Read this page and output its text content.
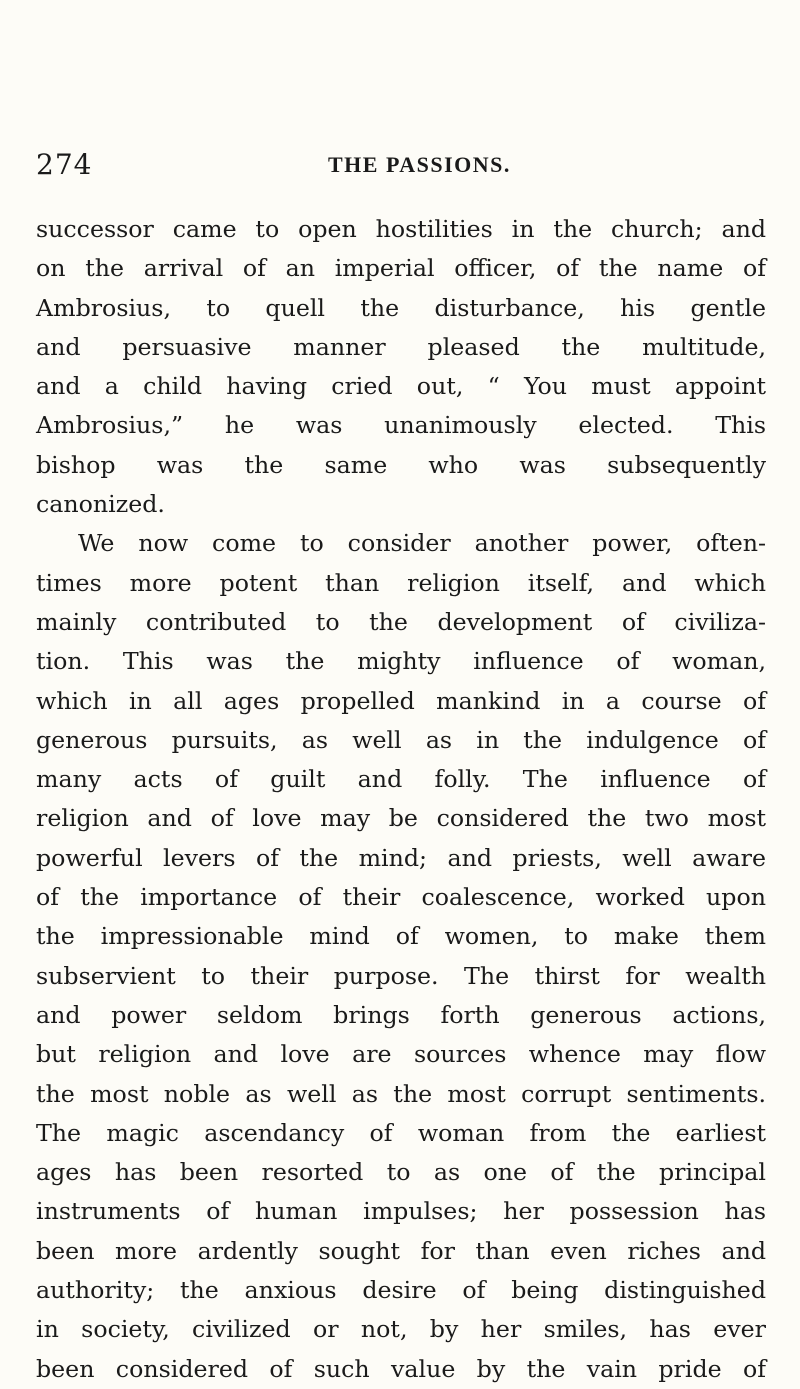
274	THE PASSIONS.
successor came to open hostilities in the church; and
on the arrival of an imperial officer, of the name of
Ambrosius, to quell the disturbance, his gentle
and persuasive manner pleased the multitude,
and a child having cried out, “ You must appoint
Ambrosius,” he was unanimously elected. This
bishop was the same who was subsequently
canonized.
We now come to consider another power, often-
times more potent than religion itself, and which
mainly contributed to the development of civiliza-
tion. This was the mighty influence of woman,
which in all ages propelled mankind in a course of
generous pursuits, as well as in the indulgence of
many acts of guilt and folly. The influence of
religion and of love may be considered the two most
powerful levers of the mind; and priests, well aware
of the importance of their coalescence, worked upon
the impressionable mind of women, to make them
subservient to their purpose. The thirst for wealth
and power seldom brings forth generous actions,
but religion and love are sources whence may flow
the most noble as well as the most corrupt sentiments.
The magic ascendancy of woman from the earliest
ages has been resorted to as one of the principal
instruments of human impulses; her possession has
been more ardently sought for than even riches and
authority; the anxious desire of being distinguished
in society, civilized or not, by her smiles, has ever
been considered of such value by the vain pride of
